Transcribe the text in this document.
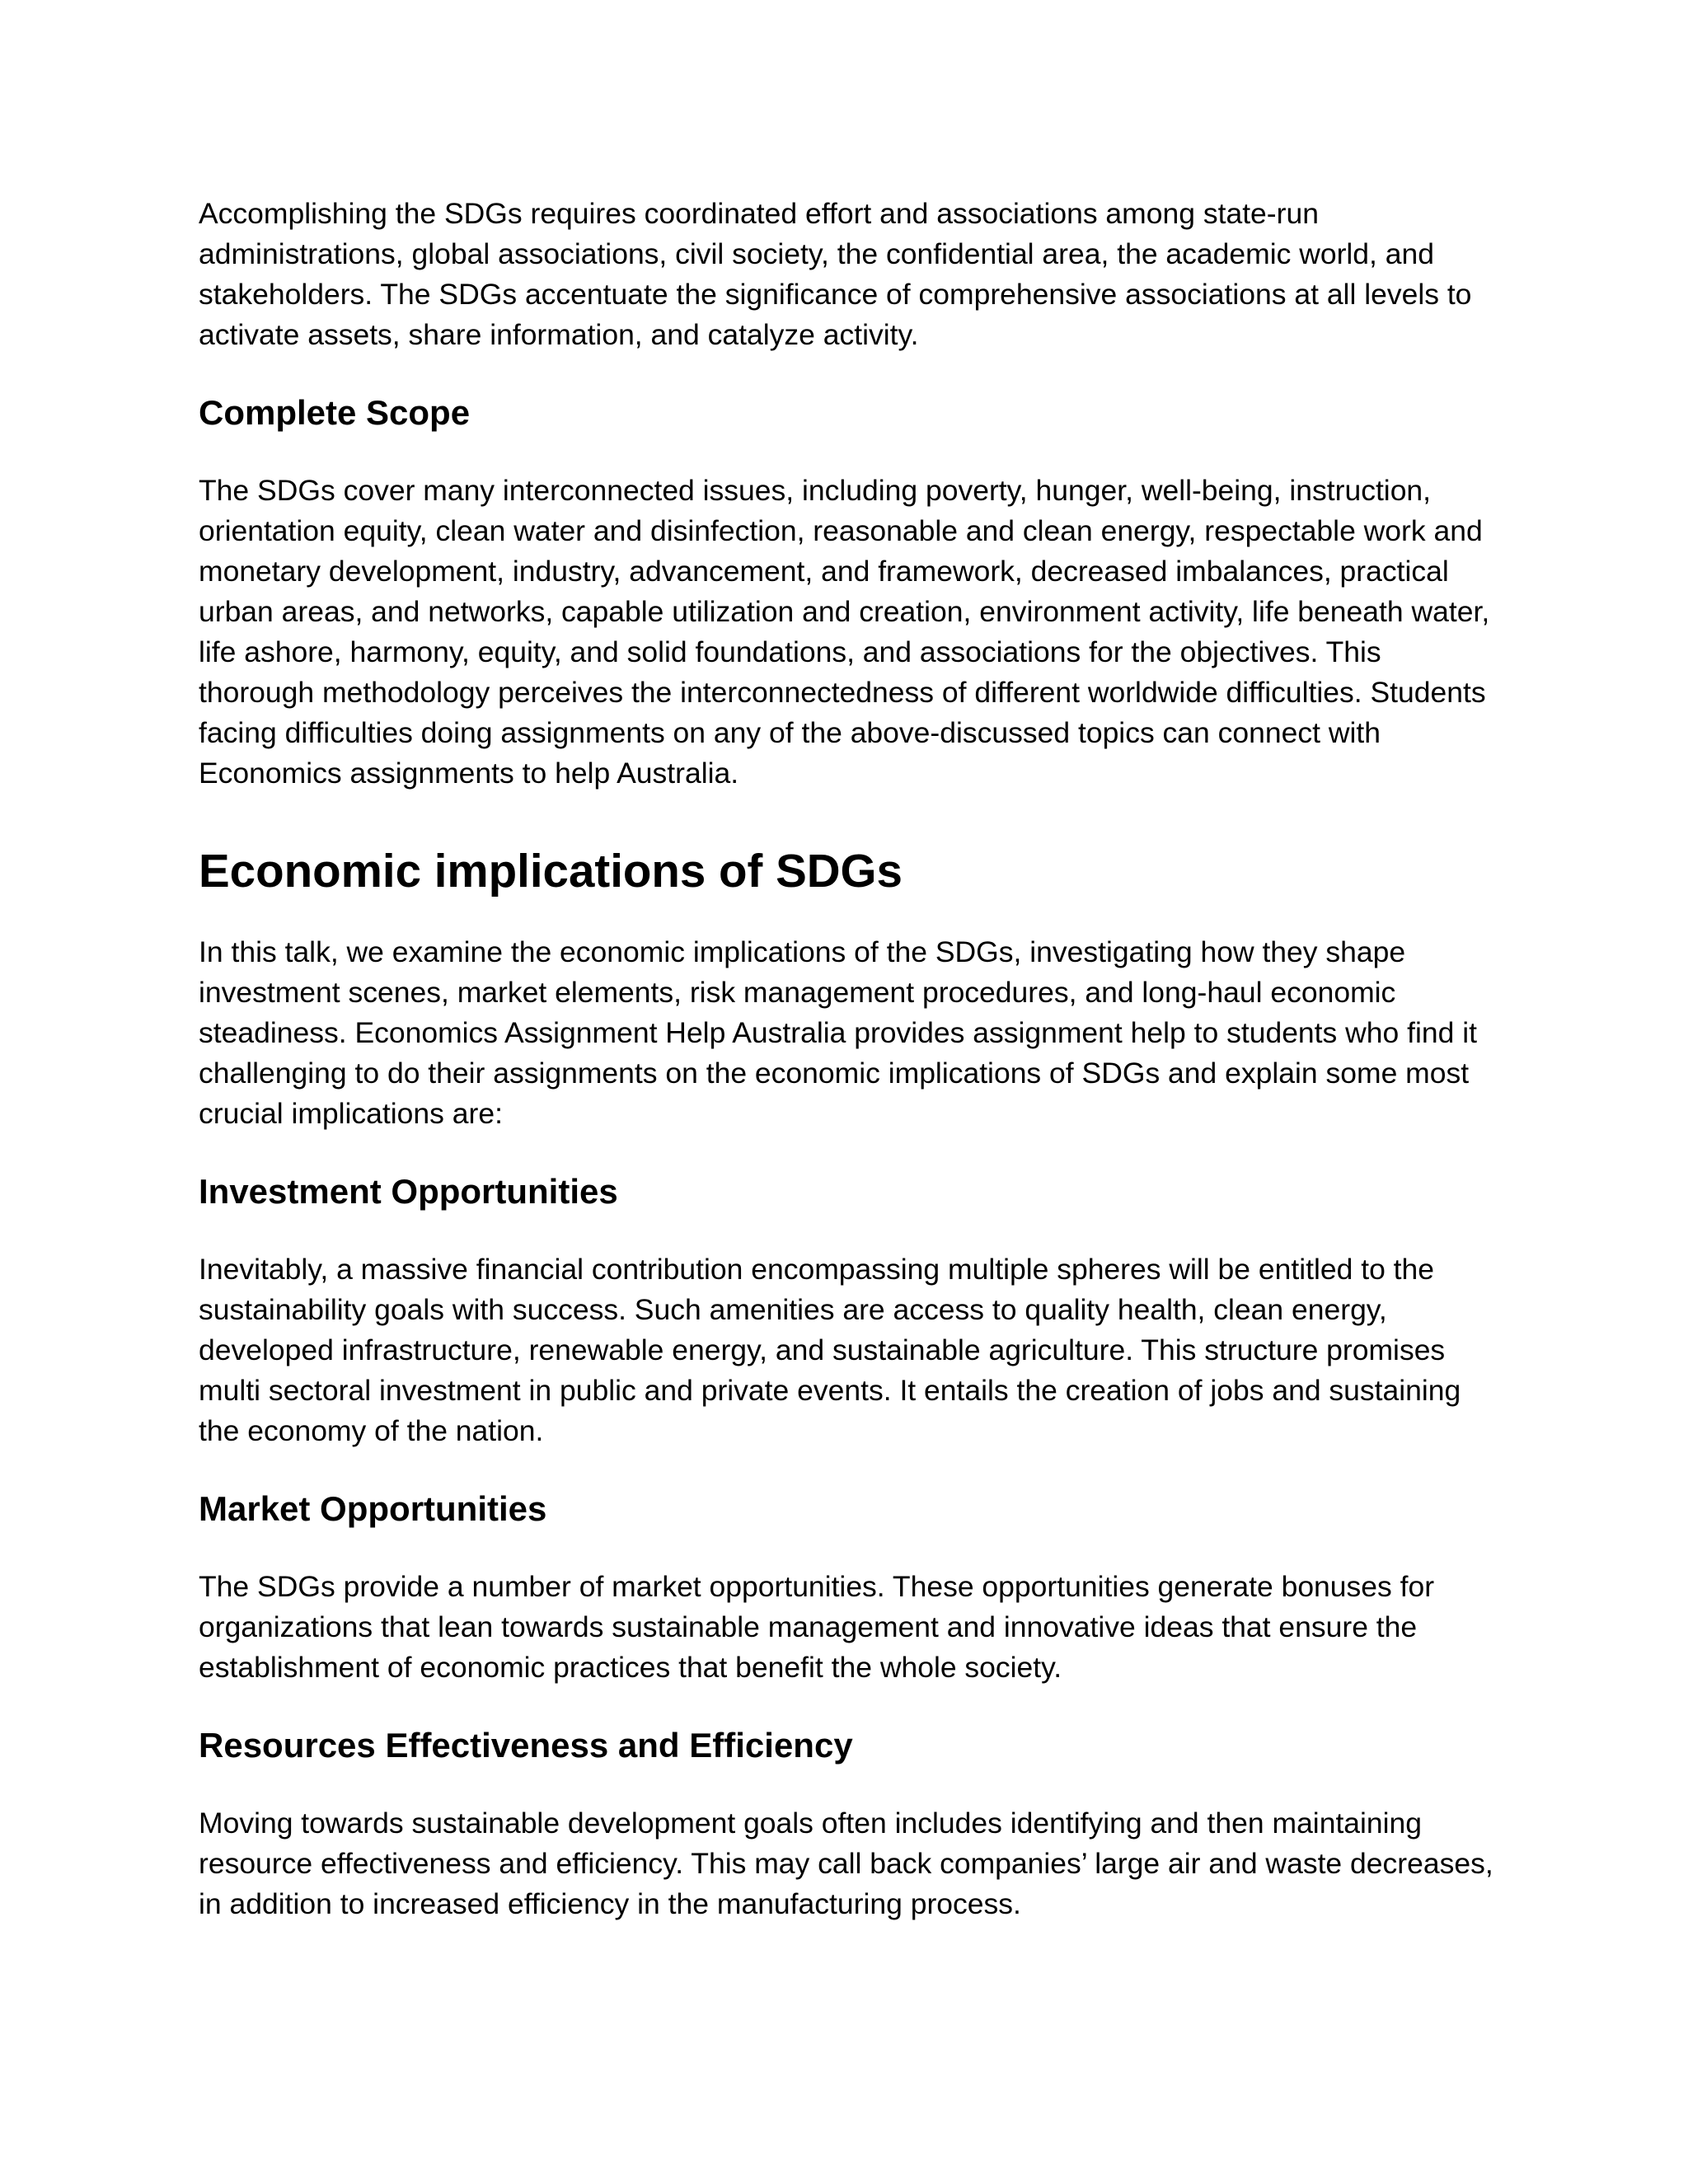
Accomplishing the SDGs requires coordinated effort and associations among state-run administrations, global associations, civil society, the confidential area, the academic world, and stakeholders. The SDGs accentuate the significance of comprehensive associations at all levels to activate assets, share information, and catalyze activity.

Complete Scope

The SDGs cover many interconnected issues, including poverty, hunger, well-being, instruction, orientation equity, clean water and disinfection, reasonable and clean energy, respectable work and monetary development, industry, advancement, and framework, decreased imbalances, practical urban areas, and networks, capable utilization and creation, environment activity, life beneath water, life ashore, harmony, equity, and solid foundations, and associations for the objectives. This thorough methodology perceives the interconnectedness of different worldwide difficulties. Students facing difficulties doing assignments on any of the above-discussed topics can connect with Economics assignments to help Australia.

Economic implications of SDGs

In this talk, we examine the economic implications of the SDGs, investigating how they shape investment scenes, market elements, risk management procedures, and long-haul economic steadiness. Economics Assignment Help Australia provides assignment help to students who find it challenging to do their assignments on the economic implications of SDGs and explain some most crucial implications are:

Investment Opportunities

Inevitably, a massive financial contribution encompassing multiple spheres will be entitled to the sustainability goals with success. Such amenities are access to quality health, clean energy, developed infrastructure, renewable energy, and sustainable agriculture. This structure promises multi sectoral investment in public and private events. It entails the creation of jobs and sustaining the economy of the nation.

Market Opportunities

The SDGs provide a number of market opportunities. These opportunities generate bonuses for organizations that lean towards sustainable management and innovative ideas that ensure the establishment of economic practices that benefit the whole society.

Resources Effectiveness and Efficiency

Moving towards sustainable development goals often includes identifying and then maintaining resource effectiveness and efficiency. This may call back companies’ large air and waste decreases, in addition to increased efficiency in the manufacturing process.
